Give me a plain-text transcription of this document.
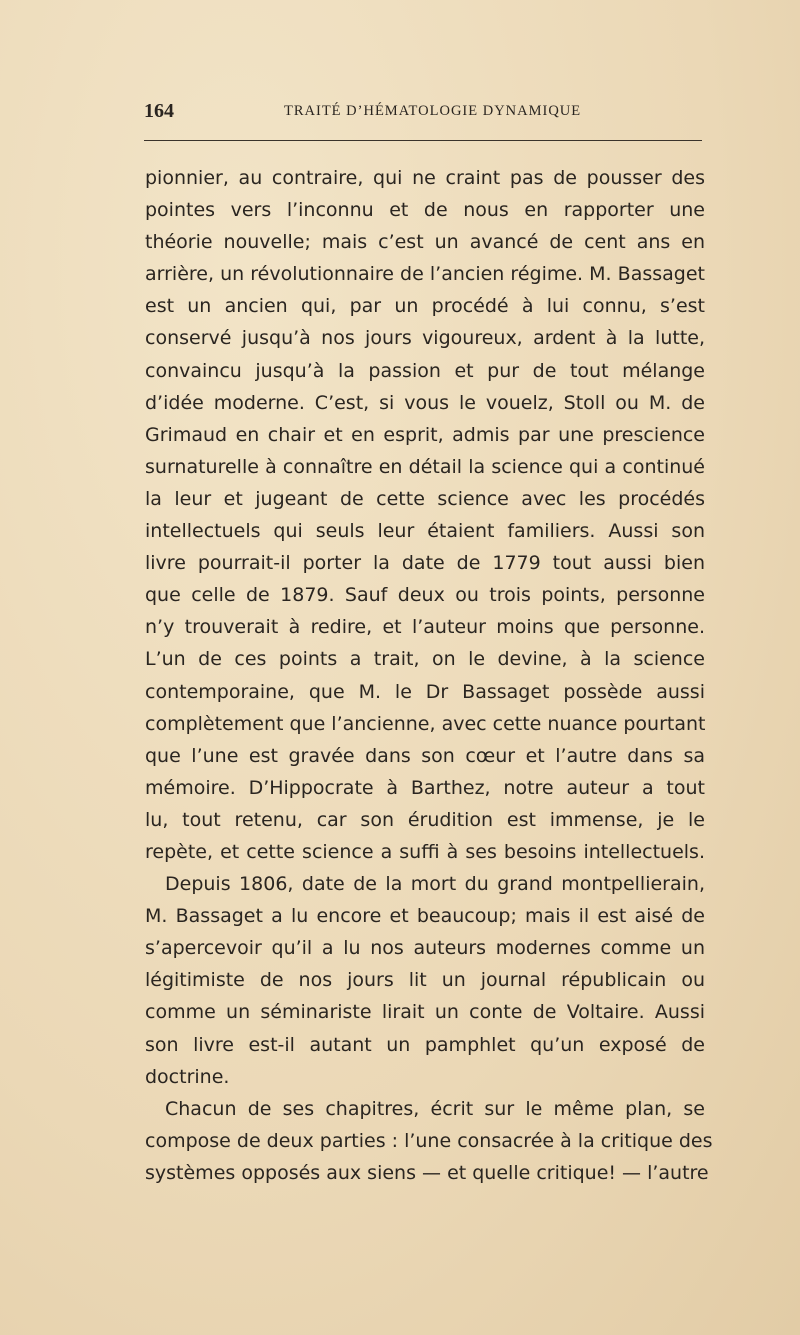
164	TRAITÉ D’HÉMATOLOGIE DYNAMIQUE
pionnier, au contraire, qui ne craint pas de pousser des
pointes vers l’inconnu et de nous en rapporter une
théorie nouvelle; mais c’est un avancé de cent ans en
arrière, un révolutionnaire de l’ancien régime. M. Bassaget
est un ancien qui, par un procédé à lui connu, s’est
conservé jusqu’à nos jours vigoureux, ardent à la lutte,
convaincu jusqu’à la passion et pur de tout mélange
d’idée moderne. C’est, si vous le vouelz, Stoll ou M. de
Grimaud en chair et en esprit, admis par une prescience
surnaturelle à connaître en détail la science qui a continué
la leur et jugeant de cette science avec les procédés
intellectuels qui seuls leur étaient familiers. Aussi son
livre pourrait-il porter la date de 1779 tout aussi bien
que celle de 1879. Sauf deux ou trois points, personne
n’y trouverait à redire, et l’auteur moins que personne.
L’un de ces points a trait, on le devine, à la science
contemporaine, que M. le Dr Bassaget possède aussi
complètement que l’ancienne, avec cette nuance pourtant
que l’une est gravée dans son cœur et l’autre dans sa
mémoire. D’Hippocrate à Barthez, notre auteur a tout
lu, tout retenu, car son érudition est immense, je le
repète, et cette science a suffi à ses besoins intellectuels.
Depuis 1806, date de la mort du grand montpellierain,
M. Bassaget a lu encore et beaucoup; mais il est aisé de
s’apercevoir qu’il a lu nos auteurs modernes comme un
légitimiste de nos jours lit un journal républicain ou
comme un séminariste lirait un conte de Voltaire. Aussi
son livre est-il autant un pamphlet qu’un exposé de
doctrine.
Chacun de ses chapitres, écrit sur le même plan, se
compose de deux parties : l’une consacrée à la critique des
systèmes opposés aux siens — et quelle critique! — l’autre
